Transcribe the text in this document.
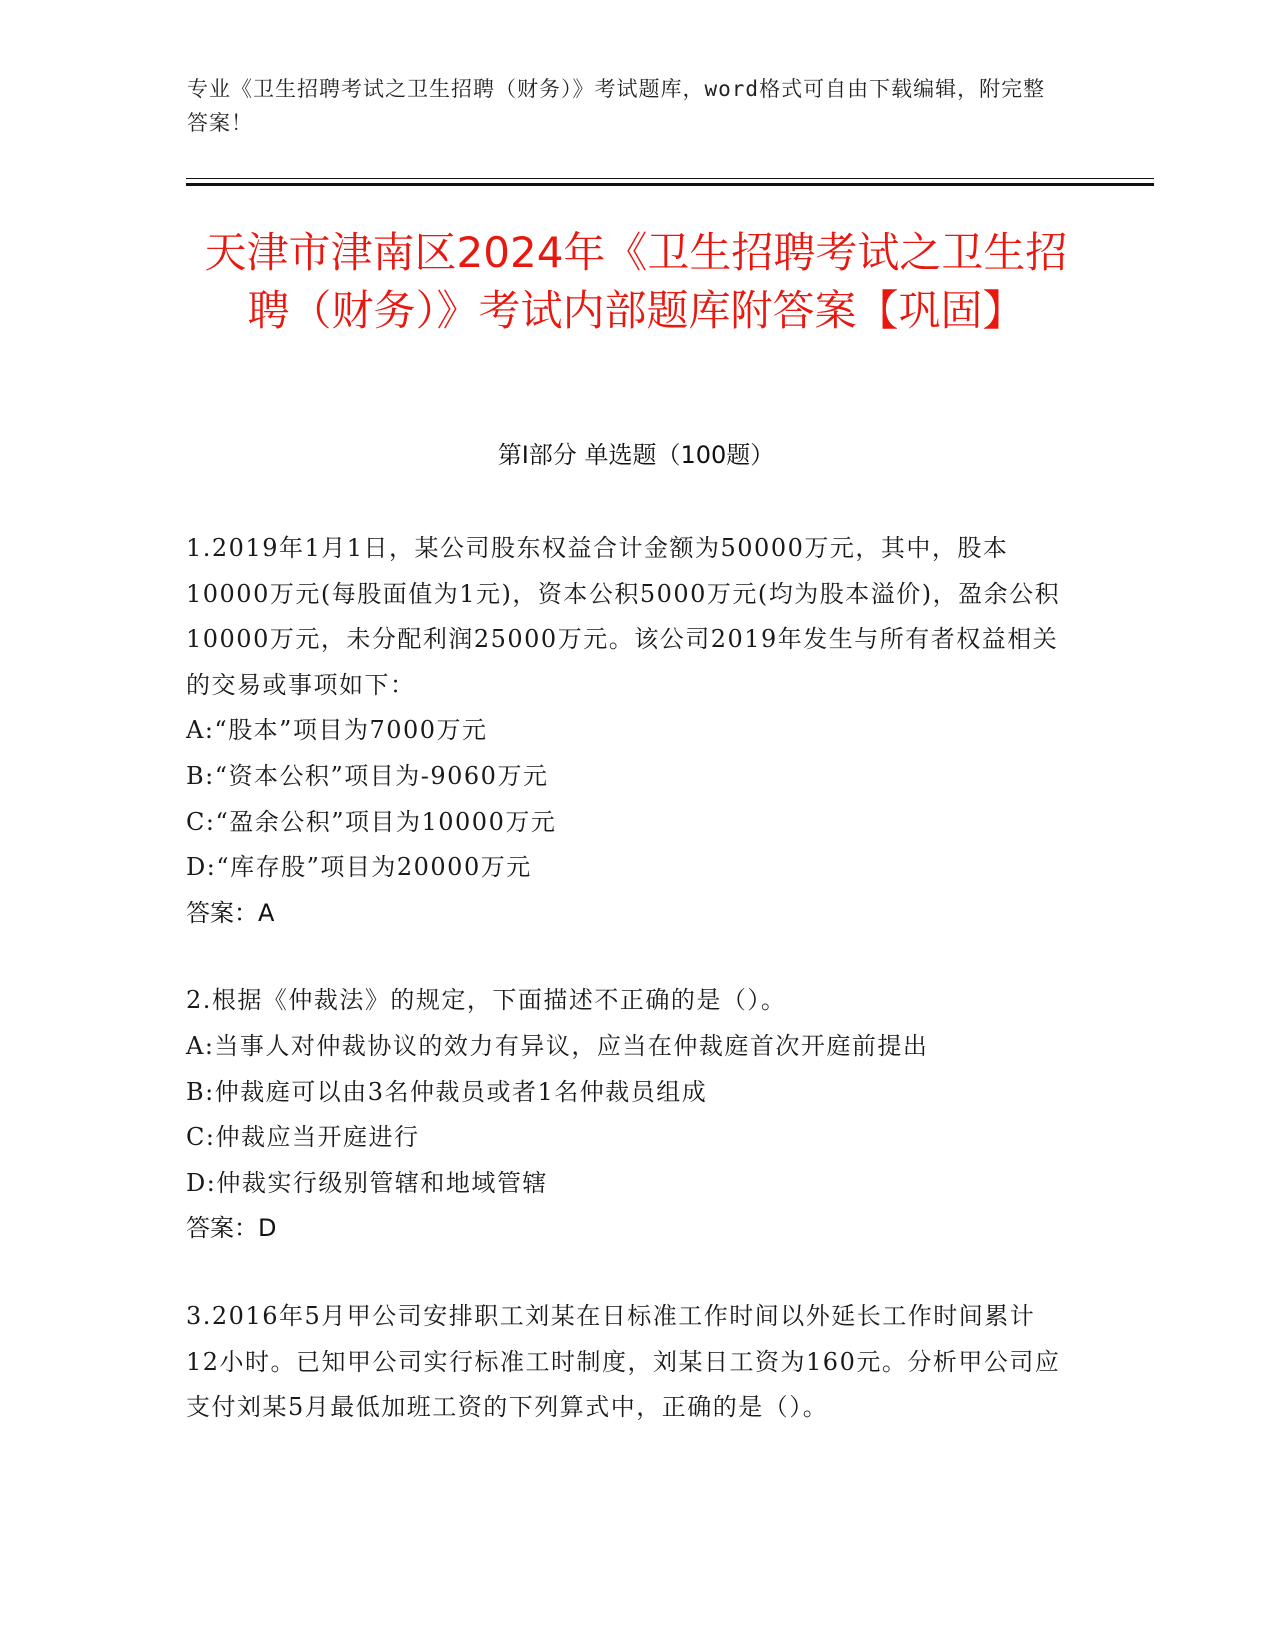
专业《卫生招聘考试之卫生招聘（财务）》考试题库，word格式可自由下载编辑，附完整答案！
天津市津南区2024年《卫生招聘考试之卫生招聘（财务）》考试内部题库附答案【巩固】
第I部分 单选题（100题）

1.2019年1月1日，某公司股东权益合计金额为50000万元，其中，股本10000万元(每股面值为1元)，资本公积5000万元(均为股本溢价)，盈余公积10000万元，未分配利润25000万元。该公司2019年发生与所有者权益相关的交易或事项如下：

A:“股本”项目为7000万元

B:“资本公积”项目为-9060万元

C:“盈余公积”项目为10000万元

D:“库存股”项目为20000万元

答案：A

2.根据《仲裁法》的规定，下面描述不正确的是（）。

A:当事人对仲裁协议的效力有异议，应当在仲裁庭首次开庭前提出

B:仲裁庭可以由3名仲裁员或者1名仲裁员组成

C:仲裁应当开庭进行

D:仲裁实行级别管辖和地域管辖

答案：D

3.2016年5月甲公司安排职工刘某在日标准工作时间以外延长工作时间累计12小时。已知甲公司实行标准工时制度，刘某日工资为160元。分析甲公司应支付刘某5月最低加班工资的下列算式中，正确的是（）。
